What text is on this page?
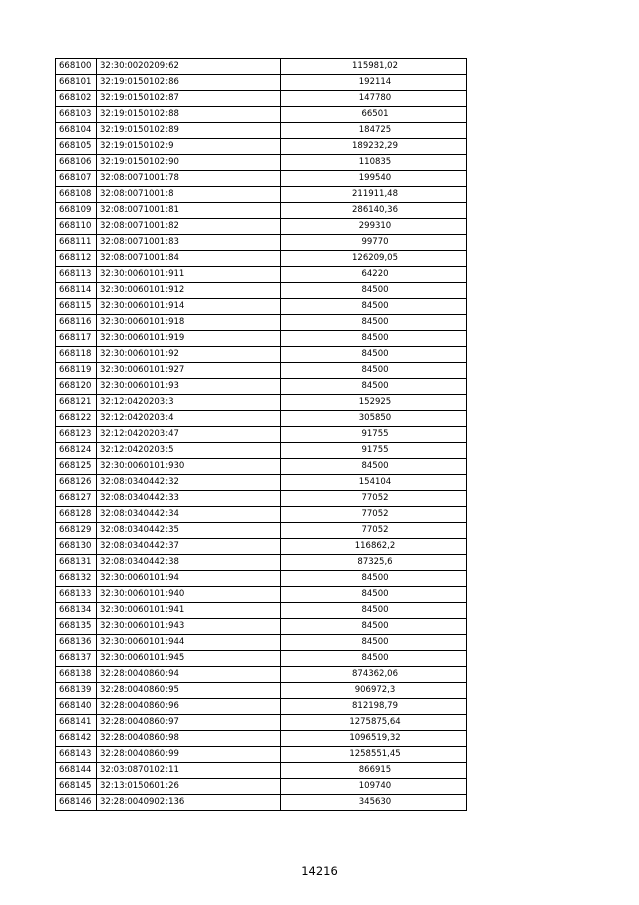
668100	32:30:0020209:62	115981,02
668101	32:19:0150102:86	192114
668102	32:19:0150102:87	147780
668103	32:19:0150102:88	66501
668104	32:19:0150102:89	184725
668105	32:19:0150102:9	189232,29
668106	32:19:0150102:90	110835
668107	32:08:0071001:78	199540
668108	32:08:0071001:8	211911,48
668109	32:08:0071001:81	286140,36
668110	32:08:0071001:82	299310
668111	32:08:0071001:83	99770
668112	32:08:0071001:84	126209,05
668113	32:30:0060101:911	64220
668114	32:30:0060101:912	84500
668115	32:30:0060101:914	84500
668116	32:30:0060101:918	84500
668117	32:30:0060101:919	84500
668118	32:30:0060101:92	84500
668119	32:30:0060101:927	84500
668120	32:30:0060101:93	84500
668121	32:12:0420203:3	152925
668122	32:12:0420203:4	305850
668123	32:12:0420203:47	91755
668124	32:12:0420203:5	91755
668125	32:30:0060101:930	84500
668126	32:08:0340442:32	154104
668127	32:08:0340442:33	77052
668128	32:08:0340442:34	77052
668129	32:08:0340442:35	77052
668130	32:08:0340442:37	116862,2
668131	32:08:0340442:38	87325,6
668132	32:30:0060101:94	84500
668133	32:30:0060101:940	84500
668134	32:30:0060101:941	84500
668135	32:30:0060101:943	84500
668136	32:30:0060101:944	84500
668137	32:30:0060101:945	84500
668138	32:28:0040860:94	874362,06
668139	32:28:0040860:95	906972,3
668140	32:28:0040860:96	812198,79
668141	32:28:0040860:97	1275875,64
668142	32:28:0040860:98	1096519,32
668143	32:28:0040860:99	1258551,45
668144	32:03:0870102:11	866915
668145	32:13:0150601:26	109740
668146	32:28:0040902:136	345630
14216
